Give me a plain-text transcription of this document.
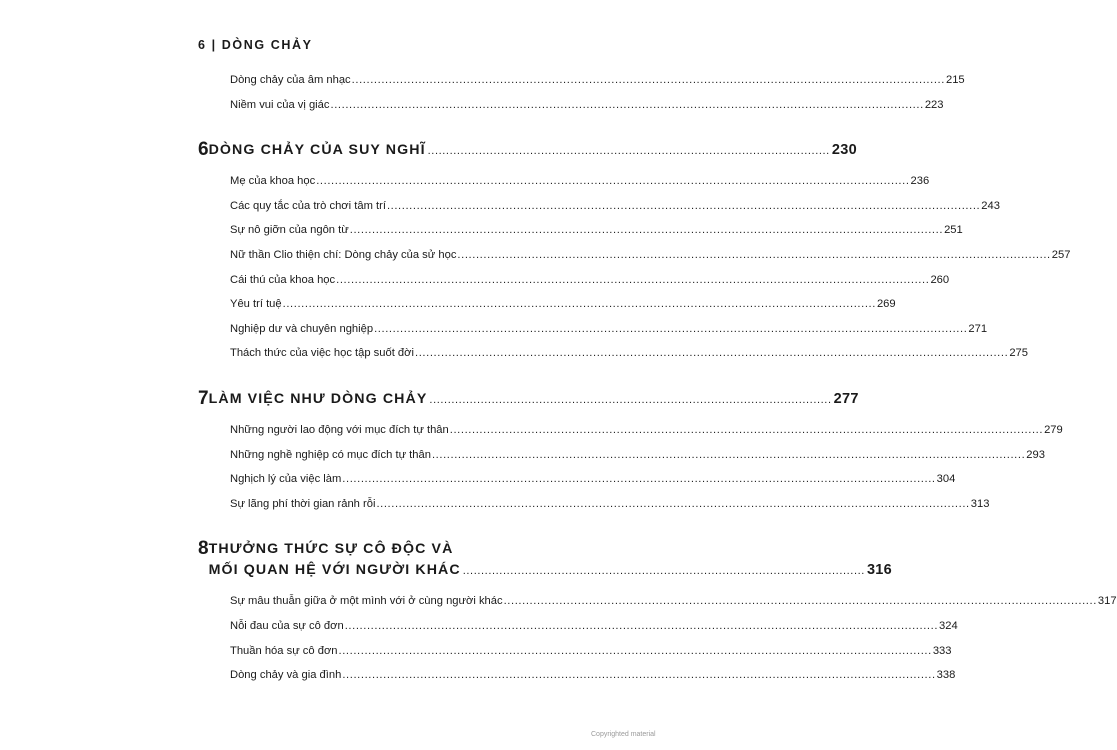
6 | DÒNG CHẢY
Dòng chảy của âm nhạc .....	215
Niềm vui của vị giác .....	223
6 DÒNG CHẢY CỦA SUY NGHĨ .....	230
Mẹ của khoa học .....	236
Các quy tắc của trò chơi tâm trí .....	243
Sự nô giỡn của ngôn từ .....	251
Nữ thần Clio thiện chí: Dòng chảy của sử học .....	257
Cái thú của khoa học .....	260
Yêu trí tuệ .....	269
Nghiệp dư và chuyên nghiệp .....	271
Thách thức của việc học tập suốt đời .....	275
7 LÀM VIỆC NHƯ DÒNG CHẢY .....	277
Những người lao động với mục đích tự thân .....	279
Những nghề nghiệp có mục đích tự thân .....	293
Nghịch lý của việc làm .....	304
Sự lãng phí thời gian rảnh rỗi .....	313
8 THƯỞNG THỨC SỰ CÔ ĐỘC VÀ
MỐI QUAN HỆ VỚI NGƯỜI KHÁC .....	316
Sự mâu thuẫn giữa ở một mình với ở cùng người khác .....	317
Nỗi đau của sự cô đơn .....	324
Thuần hóa sự cô đơn .....	333
Dòng chảy và gia đình .....	338
Copyrighted material
